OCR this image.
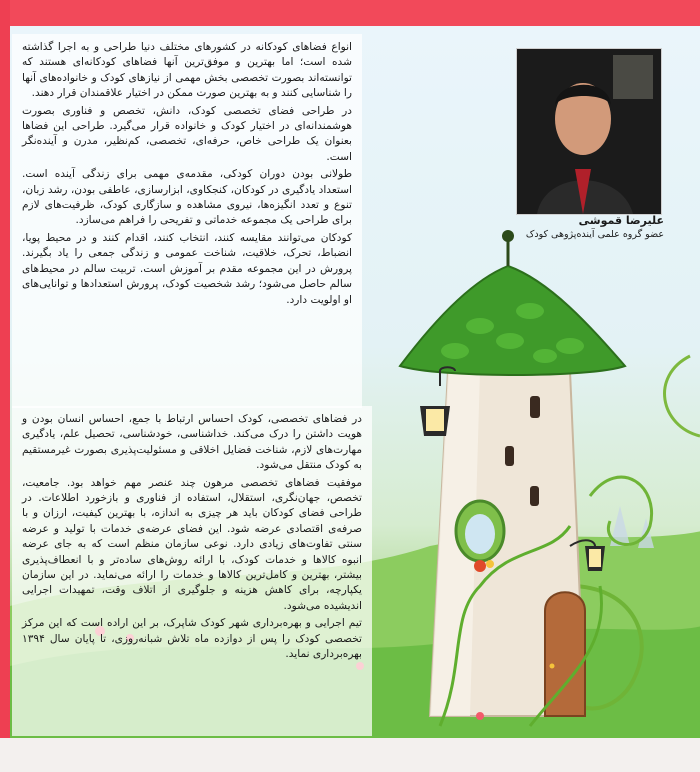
علیرضا قموشی
عضو گروه علمی آینده‌پژوهی کودک

انواع فضاهای کودکانه در کشورهای مختلف دنیا طراحی و به اجرا گذاشته شده است؛ اما بهترین و موفق‌ترین آنها فضاهای کودکانه‌ای هستند که توانسته‌اند بصورت تخصصی بخش مهمی از نیازهای کودک و خانواده‌های آنها را شناسایی کنند و به بهترین صورت ممکن در اختیار علاقمندان قرار دهند.

در طراحی فضای تخصصی کودک، دانش، تخصص و فناوری بصورت هوشمندانه‌ای در اختیار کودک و خانواده قرار می‌گیرد. طراحی این فضاها بعنوان یک طراحی خاص، حرفه‌ای، تخصصی، کم‌نظیر، مدرن و آینده‌نگر است.

طولانی بودن دوران کودکی، مقدمه‌ی مهمی برای زندگی آینده است. استعداد یادگیری در کودکان، کنجکاوی، ابزارسازی، عاطفی بودن، رشد زبان، تنوع و تعدد انگیزه‌ها، نیروی مشاهده و سازگاری کودک، ظرفیت‌های لازم برای طراحی یک مجموعه خدماتی و تفریحی را فراهم می‌سازد.

کودکان می‌توانند مقایسه کنند، انتخاب کنند، اقدام کنند و در محیط پویا، انضباط، تحرک، خلاقیت، شناخت عمومی و زندگی جمعی را یاد بگیرند. پرورش در این مجموعه مقدم بر آموزش است. تربیت سالم در محیط‌های سالم حاصل می‌شود؛ رشد شخصیت کودک، پرورش استعدادها و توانایی‌های او اولویت دارد.

در فضاهای تخصصی، کودک احساس ارتباط با جمع، احساس انسان بودن و هویت داشتن را درک می‌کند. خداشناسی، خودشناسی، تحصیل علم، یادگیری مهارت‌های لازم، شناخت فضایل اخلاقی و مسئولیت‌پذیری بصورت غیرمستقیم به کودک منتقل می‌شود.

موفقیت فضاهای تخصصی مرهون چند عنصر مهم خواهد بود. جامعیت، تخصص، جهان‌نگری، استقلال، استفاده از فناوری و بازخورد اطلاعات. در طراحی فضای کودکان باید هر چیزی به اندازه، با بهترین کیفیت، ارزان و با صرفه‌ی اقتصادی عرضه شود. این فضای عرضه‌ی خدمات با تولید و عرضه سنتی تفاوت‌های زیادی دارد. نوعی سازمان منظم است که به جای عرضه انبوه کالاها و خدمات کودک، با ارائه روش‌های ساده‌تر و با انعطاف‌پذیری بیشتر، بهترین و کامل‌ترین کالاها و خدمات را ارائه می‌نماید. در این سازمان یکپارچه، برای کاهش هزینه و جلوگیری از اتلاف وقت، تمهیدات اجرایی اندیشیده می‌شود.

تیم اجرایی و بهره‌برداری شهر کودک شاپرک، بر این اراده است که این مرکز تخصصی کودک را پس از دوازده ماه تلاش شبانه‌روزی، تا پایان سال ۱۳۹۴ بهره‌برداری نماید.
